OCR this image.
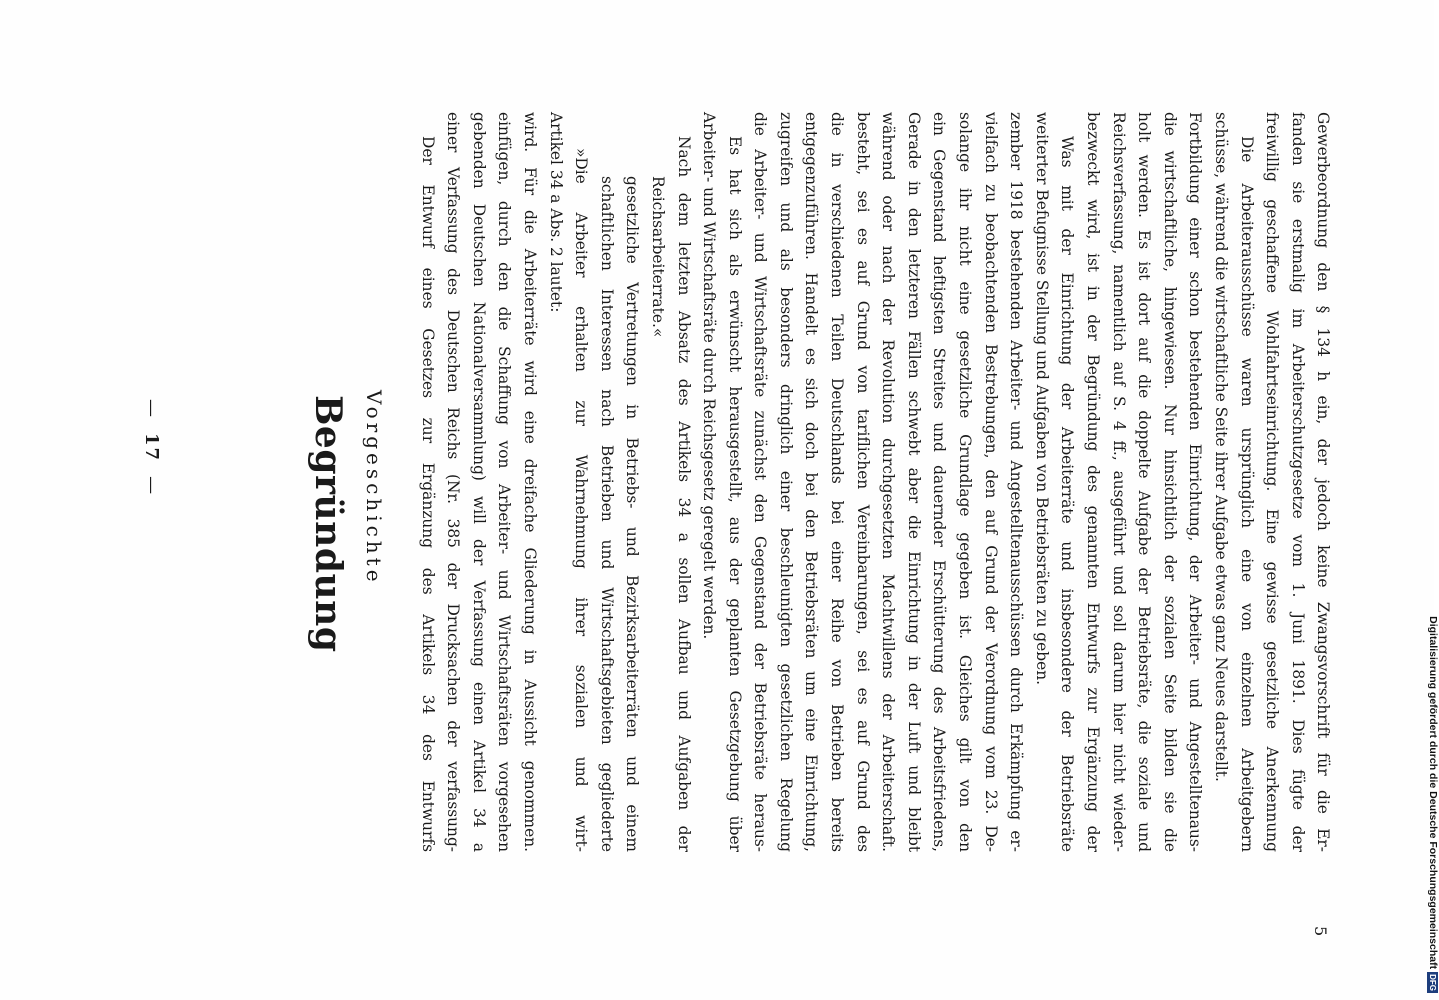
—17—	Begründung Vorgeschichte Der Entwurf eines Gesetzes zur Ergänzung des Artikels 34 des Entwurfs einer Verfassung des Deutschen Reichs (Nr. 385 der Drucksachen der verfassung- gebenden Deutschen Nationalversammlung) will der Verfassung einen Artikel 34 a einfügen, durch den die Schaffung von Arbeiter- und Wirtschaftsräten vorgesehen wird. Für die Arbeiterräte wird eine dreifache Gliederung in Aussicht genommen. Artikel 34 a Abs. 2 lautet: »Die Arbeiter erhalten zur Wahrnehmung ihrer sozialen und wirt- schaftlichen Interessen nach Betrieben und Wirtschaftsgebieten gegliederte gesetzliche Vertretungen in Betriebs- und Bezirksarbeiterräten und einem Reichsarbeiterrate.« Nach dem letzten Absatz des Artikels 34 a sollen Aufbau und Aufgaben der Arbeiter- und Wirtschaftsräte durch Reichsgesetz geregelt werden. Es hat sich als erwünscht herausgestellt, aus der geplanten Gesetzgebung über die Arbeiter- und Wirtschaftsräte zunächst den Gegenstand der Betriebsräte heraus- zugreifen und als besonders dringlich einer beschleunigten gesetzlichen Regelung entgegenzuführen. Handelt es sich doch bei den Betriebsräten um eine Einrichtung, die in verschiedenen Teilen Deutschlands bei einer Reihe von Betrieben bereits besteht, sei es auf Grund von tariflichen Vereinbarungen, sei es auf Grund des während oder nach der Revolution durchgesetzten Machtwillens der Arbeiterschaft. Gerade in den letzteren Fällen schwebt aber die Einrichtung in der Luft und bleibt ein Gegenstand heftigsten Streites und dauernder Erschütterung des Arbeitsfriedens, solange ihr nicht eine gesetzliche Grundlage gegeben ist. Gleiches gilt von den vielfach zu beobachtenden Bestrebungen, den auf Grund der Verordnung vom 23. De- zember 1918 bestehenden Arbeiter- und Angestelltenausschüssen durch Erkämpfung er- weiterter Befugnisse Stellung und Aufgaben von Betriebsräten zu geben. Was mit der Einrichtung der Arbeiterräte und insbesondere der Betriebsräte bezweckt wird, ist in der Begründung des genannten Entwurfs zur Ergänzung der Reichsverfassung, namentlich auf S. 4 ff., ausgeführt und soll darum hier nicht wieder- holt werden. Es ist dort auf die doppelte Aufgabe der Betriebsräte, die soziale und die wirtschaftliche, hingewiesen. Nur hinsichtlich der sozialen Seite bilden sie die Fortbildung einer schon bestehenden Einrichtung, der Arbeiter- und Angestelltenaus- schüsse, während die wirtschaftliche Seite ihrer Aufgabe etwas ganz Neues darstellt. Die Arbeiterausschüsse waren ursprünglich eine von einzelnen Arbeitgebern freiwillig geschaffene Wohlfahrtseinrichtung. Eine gewisse gesetzliche Anerkennung fanden sie erstmalig im Arbeiterschutzgesetze vom 1. Juni 1891. Dies fügte der Gewerbeordnung den § 134 h ein, der jedoch keine Zwangsvorschrift für die Er-
5	Digitalisierung gefördert durch die Deutsche ForschungsgemeinschaftDFG
